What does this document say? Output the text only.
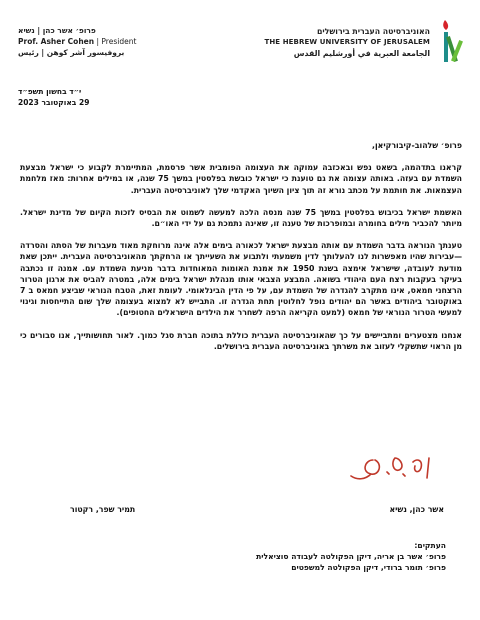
פרופ׳ אשר כהן | נשיא
Prof. Asher Cohen | President
بروفيسور آشر كوهن | رئيس
האוניברסיטה העברית בירושלים
THE HEBREW UNIVERSITY OF JERUSALEM
الجامعة العبرية في أورشليم القدس
י״ד בחשון תשפ״ד
29 באוקטובר 2023
פרופ׳ שלהוב-קיבורקיאן,

קראנו בתדהמה, בשאט נפש ובאכזבה עמוקה את העצומה הפומבית אשר פרסמת, המתיימרת לקבוע כי ישראל מבצעת השמדת עם בעזה. באותה עצומה את גם טוענת כי ישראל כובשת בפלסטין במשך 75 שנה, או במילים אחרות: מאז מלחמת העצמאות. את חותמת על מכתב נורא זה תוך ציון השיוך האקדמי שלך לאוניברסיטה העברית.

האשמת ישראל בכיבוש בפלסטין במשך 75 שנה מנסה הלכה למעשה לשמוט את הבסיס לזכות הקיום של מדינת ישראל. מיותר להכביר מילים בחומרה ובמופרכות של טענה זו, שאינה נתמכת גם על ידי האו״ם.

טענתך הנוראה בדבר השמדת עם אותה מבצעת ישראל לכאורה בימים אלה אינה מרוחקת מאוד מעברות של הסתה והסרדה—עבירות שהיו מאפשרות לנו להעלותך לדין משמעתי ולתבוע את השעייתך או הרחקתך מהאוניברסיטה העברית. ייתכן שאת מודעת לעובדה, שישראל אימצה בשנת 1950 את אמנת האומות המאוחדות בדבר מניעת השמדת עם. אמנה זו נכתבה בעיקר בעקבות רצח העם היהודי בשואה. המבצע הצבאי אותו מנהלת ישראל בימים אלה, במטרה להביס את ארגון הטרור הרצחני חמאס, אינו מתקרב להגדרה של השמדת עם, על פי הדין הבינלאומי. לעומת זאת, הטבח הנוראי שביצע חמאס ב 7 באוקטובר ביהודים באשר הם יהודים נופל לחלוטין תחת הגדרה זו. התבייש לא למצוא בעצומה שלך שום התייחסות וגינוי למעשי הטרור הנוראי של חמאס (למעט הקריאה הרפה לשחרר את הילדים הישראלים החטופים).

אנחנו מצטערים ומתביישים על כך שהאוניברסיטה העברית כוללת בתוכה חברת סגל כמוך. לאור תחושותייך, אנו סבורים כי מן הראוי שתשקלי לעזוב את משרתך באוניברסיטה העברית בירושלים.

אשר כהן, נשיא
תמיר שפר, רקטור
העתקים:
פרופ׳ אשר בן אריה, דיקן הפקולטה לעבודה סוציאלית
פרופ׳ תומר ברודי, דיקן הפקולטה למשפטים
